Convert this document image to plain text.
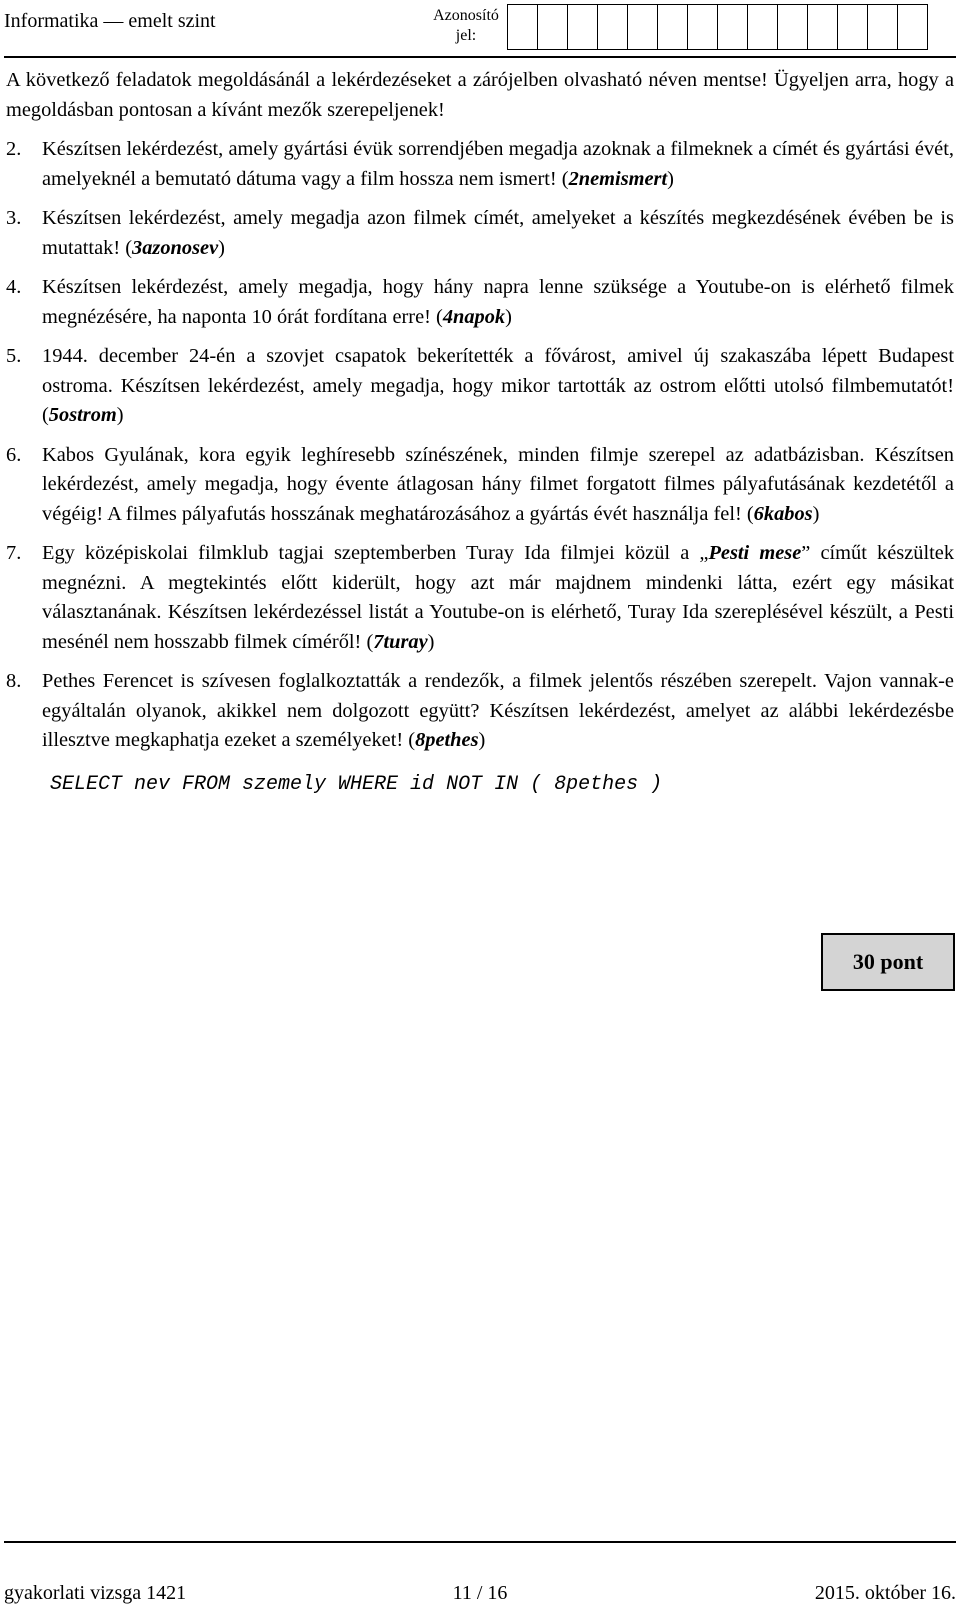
Informatika — emelt szint	Azonosító
jel:

A következő feladatok megoldásánál a lekérdezéseket a zárójelben olvasható néven mentse! Ügyeljen arra, hogy a megoldásban pontosan a kívánt mezők szerepeljenek!

2.	Készítsen lekérdezést, amely gyártási évük sorrendjében megadja azoknak a filmeknek a címét és gyártási évét, amelyeknél a bemutató dátuma vagy a film hossza nem ismert! (2nemismert)
3.	Készítsen lekérdezést, amely megadja azon filmek címét, amelyeket a készítés megkezdésének évében be is mutattak! (3azonosev)
4.	Készítsen lekérdezést, amely megadja, hogy hány napra lenne szüksége a Youtube-on is elérhető filmek megnézésére, ha naponta 10 órát fordítana erre! (4napok)
5.	1944. december 24-én a szovjet csapatok bekerítették a fővárost, amivel új szakaszába lépett Budapest ostroma. Készítsen lekérdezést, amely megadja, hogy mikor tartották az ostrom előtti utolsó filmbemutatót! (5ostrom)
6.	Kabos Gyulának, kora egyik leghíresebb színészének, minden filmje szerepel az adatbázisban. Készítsen lekérdezést, amely megadja, hogy évente átlagosan hány filmet forgatott filmes pályafutásának kezdetétől a végéig! A filmes pályafutás hosszának meghatározásához a gyártás évét használja fel! (6kabos)
7.	Egy középiskolai filmklub tagjai szeptemberben Turay Ida filmjei közül a „Pesti mese” címűt készültek megnézni. A megtekintés előtt kiderült, hogy azt már majdnem mindenki látta, ezért egy másikat választanának. Készítsen lekérdezéssel listát a Youtube-on is elérhető, Turay Ida szereplésével készült, a Pesti mesénél nem hosszabb filmek címéről! (7turay)
8.	Pethes Ferencet is szívesen foglalkoztatták a rendezők, a filmek jelentős részében szerepelt. Vajon vannak-e egyáltalán olyanok, akikkel nem dolgozott együtt? Készítsen lekérdezést, amelyet az alábbi lekérdezésbe illesztve megkaphatja ezeket a személyeket! (8pethes)
SELECT nev FROM szemely WHERE id NOT IN ( 8pethes )
30 pont
gyakorlati vizsga 1421	11 / 16	2015. október 16.
